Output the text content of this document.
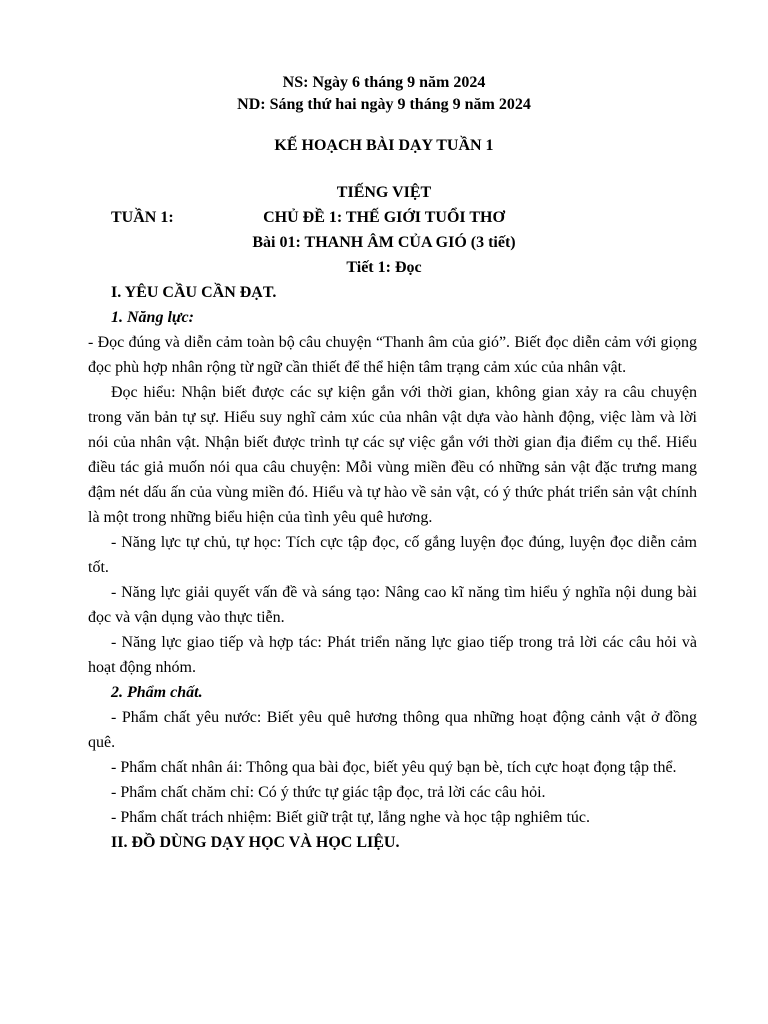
NS: Ngày 6 tháng 9 năm 2024
ND: Sáng thứ hai ngày 9 tháng 9 năm 2024
KẾ HOẠCH BÀI DẠY TUẦN 1
TIẾNG VIỆT
CHỦ ĐỀ 1: THẾ GIỚI TUỔI THƠ
Bài 01: THANH ÂM CỦA GIÓ (3 tiết)
Tiết 1: Đọc
TUẦN 1:

I. YÊU CẦU CẦN ĐẠT.

1. Năng lực:

- Đọc đúng và diễn cảm toàn bộ câu chuyện “Thanh âm của gió”. Biết đọc diễn cảm với giọng đọc phù hợp nhân rộng từ ngữ cần thiết để thể hiện tâm trạng cảm xúc của nhân vật.

Đọc hiểu: Nhận biết được các sự kiện gắn với thời gian, không gian xảy ra câu chuyện trong văn bản tự sự. Hiểu suy nghĩ cảm xúc của nhân vật dựa vào hành động, việc làm và lời nói của nhân vật. Nhận biết được trình tự các sự việc gắn với thời gian địa điểm cụ thể. Hiểu điều tác giả muốn nói qua câu chuyện: Mỗi vùng miền đều có những sản vật đặc trưng mang đậm nét dấu ấn của vùng miền đó. Hiểu và tự hào về sản vật, có ý thức phát triển sản vật chính là một trong những biểu hiện của tình yêu quê hương.

- Năng lực tự chủ, tự học: Tích cực tập đọc, cố gắng luyện đọc đúng, luyện đọc diễn cảm tốt.

- Năng lực giải quyết vấn đề và sáng tạo: Nâng cao kĩ năng tìm hiểu ý nghĩa nội dung bài đọc và vận dụng vào thực tiễn.

- Năng lực giao tiếp và hợp tác: Phát triển năng lực giao tiếp trong trả lời các câu hỏi và hoạt động nhóm.

2. Phẩm chất.

- Phẩm chất yêu nước: Biết yêu quê hương thông qua những hoạt động cảnh vật ở đồng quê.

- Phẩm chất nhân ái: Thông qua bài đọc, biết yêu quý bạn bè, tích cực hoạt đọng tập thể.

- Phẩm chất chăm chỉ: Có ý thức tự giác tập đọc, trả lời các câu hỏi.

- Phẩm chất trách nhiệm: Biết giữ trật tự, lắng nghe và học tập nghiêm túc.

II. ĐỒ DÙNG DẠY HỌC VÀ HỌC LIỆU.
